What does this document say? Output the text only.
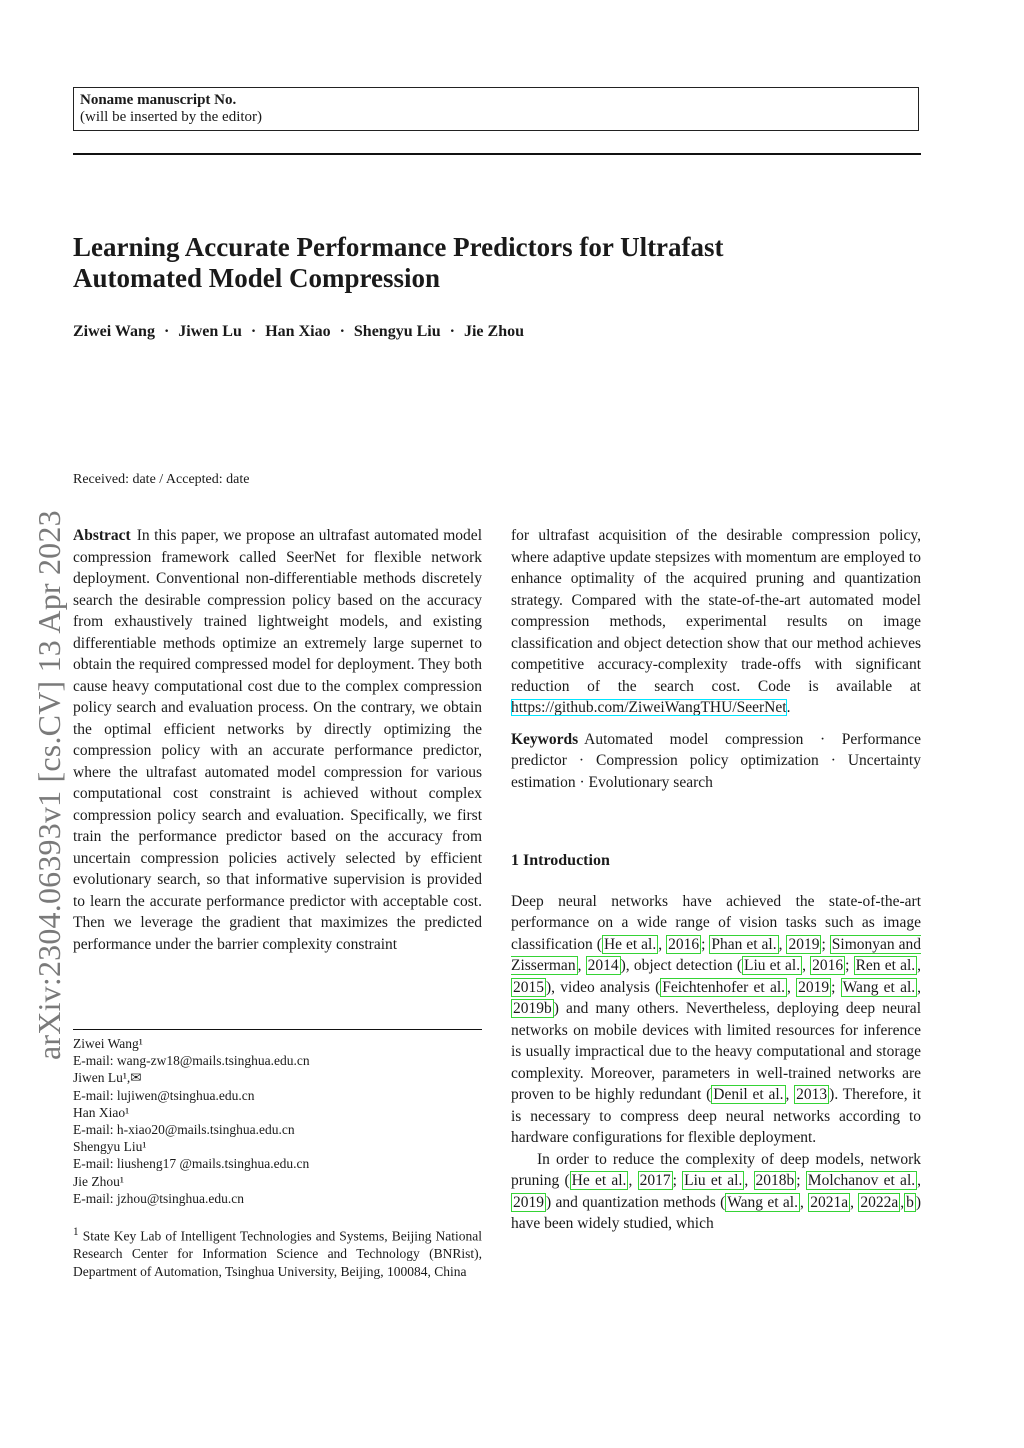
Noname manuscript No.
(will be inserted by the editor)
Learning Accurate Performance Predictors for Ultrafast
Automated Model Compression
Ziwei Wang · Jiwen Lu · Han Xiao · Shengyu Liu · Jie Zhou
arXiv:2304.06393v1 [cs.CV] 13 Apr 2023
Received: date / Accepted: date

Abstract In this paper, we propose an ultrafast automated model compression framework called SeerNet for flexible network deployment. Conventional non-differentiable methods discretely search the desirable compression policy based on the accuracy from exhaustively trained lightweight models, and existing differentiable methods optimize an extremely large supernet to obtain the required compressed model for deployment. They both cause heavy computational cost due to the complex compression policy search and evaluation process. On the contrary, we obtain the optimal efficient networks by directly optimizing the compression policy with an accurate performance predictor, where the ultrafast automated model compression for various computational cost constraint is achieved without complex compression policy search and evaluation. Specifically, we first train the performance predictor based on the accuracy from uncertain compression policies actively selected by efficient evolutionary search, so that informative supervision is provided to learn the accurate performance predictor with acceptable cost. Then we leverage the gradient that maximizes the predicted performance under the barrier complexity constraint

Ziwei Wang¹
E-mail: wang-zw18@mails.tsinghua.edu.cn
Jiwen Lu¹,✉
E-mail: lujiwen@tsinghua.edu.cn
Han Xiao¹
E-mail: h-xiao20@mails.tsinghua.edu.cn
Shengyu Liu¹
E-mail: liusheng17 @mails.tsinghua.edu.cn
Jie Zhou¹
E-mail: jzhou@tsinghua.edu.cn
$^1$ State Key Lab of Intelligent Technologies and Systems, Beijing National Research Center for Information Science and Technology (BNRist), Department of Automation, Tsinghua University, Beijing, 100084, China

for ultrafast acquisition of the desirable compression policy, where adaptive update stepsizes with momentum are employed to enhance optimality of the acquired pruning and quantization strategy. Compared with the state-of-the-art automated model compression methods, experimental results on image classification and object detection show that our method achieves competitive accuracy-complexity trade-offs with significant reduction of the search cost. Code is available at https://github.com/ZiweiWangTHU/SeerNet.

Keywords Automated model compression · Performance predictor · Compression policy optimization · Uncertainty estimation · Evolutionary search

1 Introduction

Deep neural networks have achieved the state-of-the-art performance on a wide range of vision tasks such as image classification ( He et al. , 2016 ; Phan et al. , 2019 ; Simonyan and Zisserman , 2014 ), object detection ( Liu et al. , 2016 ; Ren et al. , 2015 ), video analysis ( Feichtenhofer et al. , 2019 ; Wang et al. , 2019b ) and many others. Nevertheless, deploying deep neural networks on mobile devices with limited resources for inference is usually impractical due to the heavy computational and storage complexity. Moreover, parameters in well-trained networks are proven to be highly redundant ( Denil et al. , 2013 ). Therefore, it is necessary to compress deep neural networks according to hardware configurations for flexible deployment.

In order to reduce the complexity of deep models, network pruning ( He et al. , 2017 ; Liu et al. , 2018b ; Molchanov et al. , 2019 ) and quantization methods ( Wang et al. , 2021a , 2022a , b ) have been widely studied, which
